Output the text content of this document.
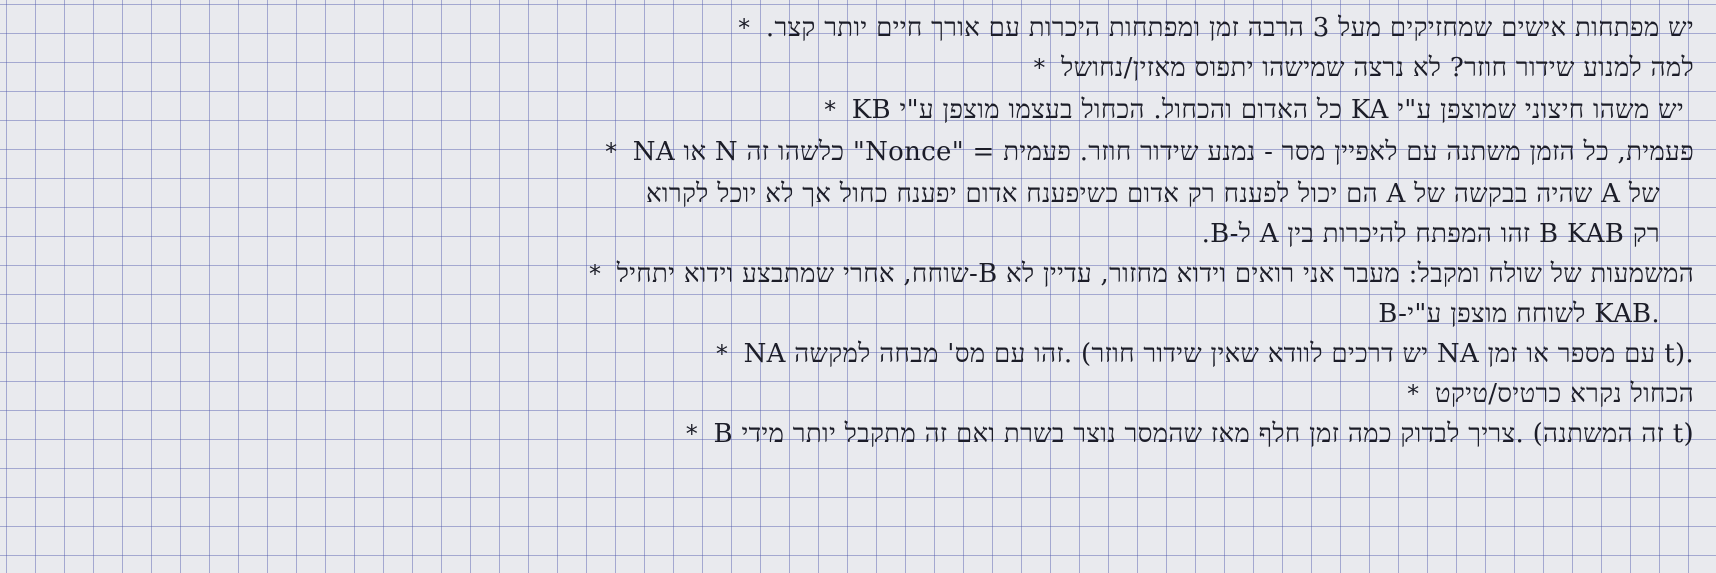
* יש מפתחות אישים שמחזיקים מעל 3 הרבה זמן ומפתחות היכרות עם אורך חיים יותר קצר.
* למה למנוע שידור חוזר? לא נרצה שמישהו יתפוס מאזין/נחושל
* יש משהו חיצוני שמוצפן ע"י KA כל האדום והכחול. הכחול בעצמו מוצפן ע"י KB
* NA או N כלשהו זה "Nonce" = פעמית, כל הזמן משתנה עם לאפיין מסר - נמנע שידור חוזר. פעמית
של A שהיה בבקשה של A הם יכול לפענח רק אדום כשיפענח אדום יפענח כחול אך לא יוכל לקרוא
רק B KAB זהו המפתח להיכרות בין A ל-B.
* המשמעות של שולח ומקבל: מעבר אני רואים וידוא מחזור, עדיין לא B-שוחח, אחרי שמתבצע וידוא יתחיל
B-לשוחח מוצפן ע"י KAB.
* NA זהו עם מס' מבחה למקשה. (יש דרכים לוודא שאין שידור חוזר NA עם מספר או זמן t).
* הכחול נקרא כרטיס/טיקט
* B צריך לבדוק כמה זמן חלף מאז שהמסר נוצר בשרת ואם זה מתקבל יותר מידי. (זה המשתנה t)
